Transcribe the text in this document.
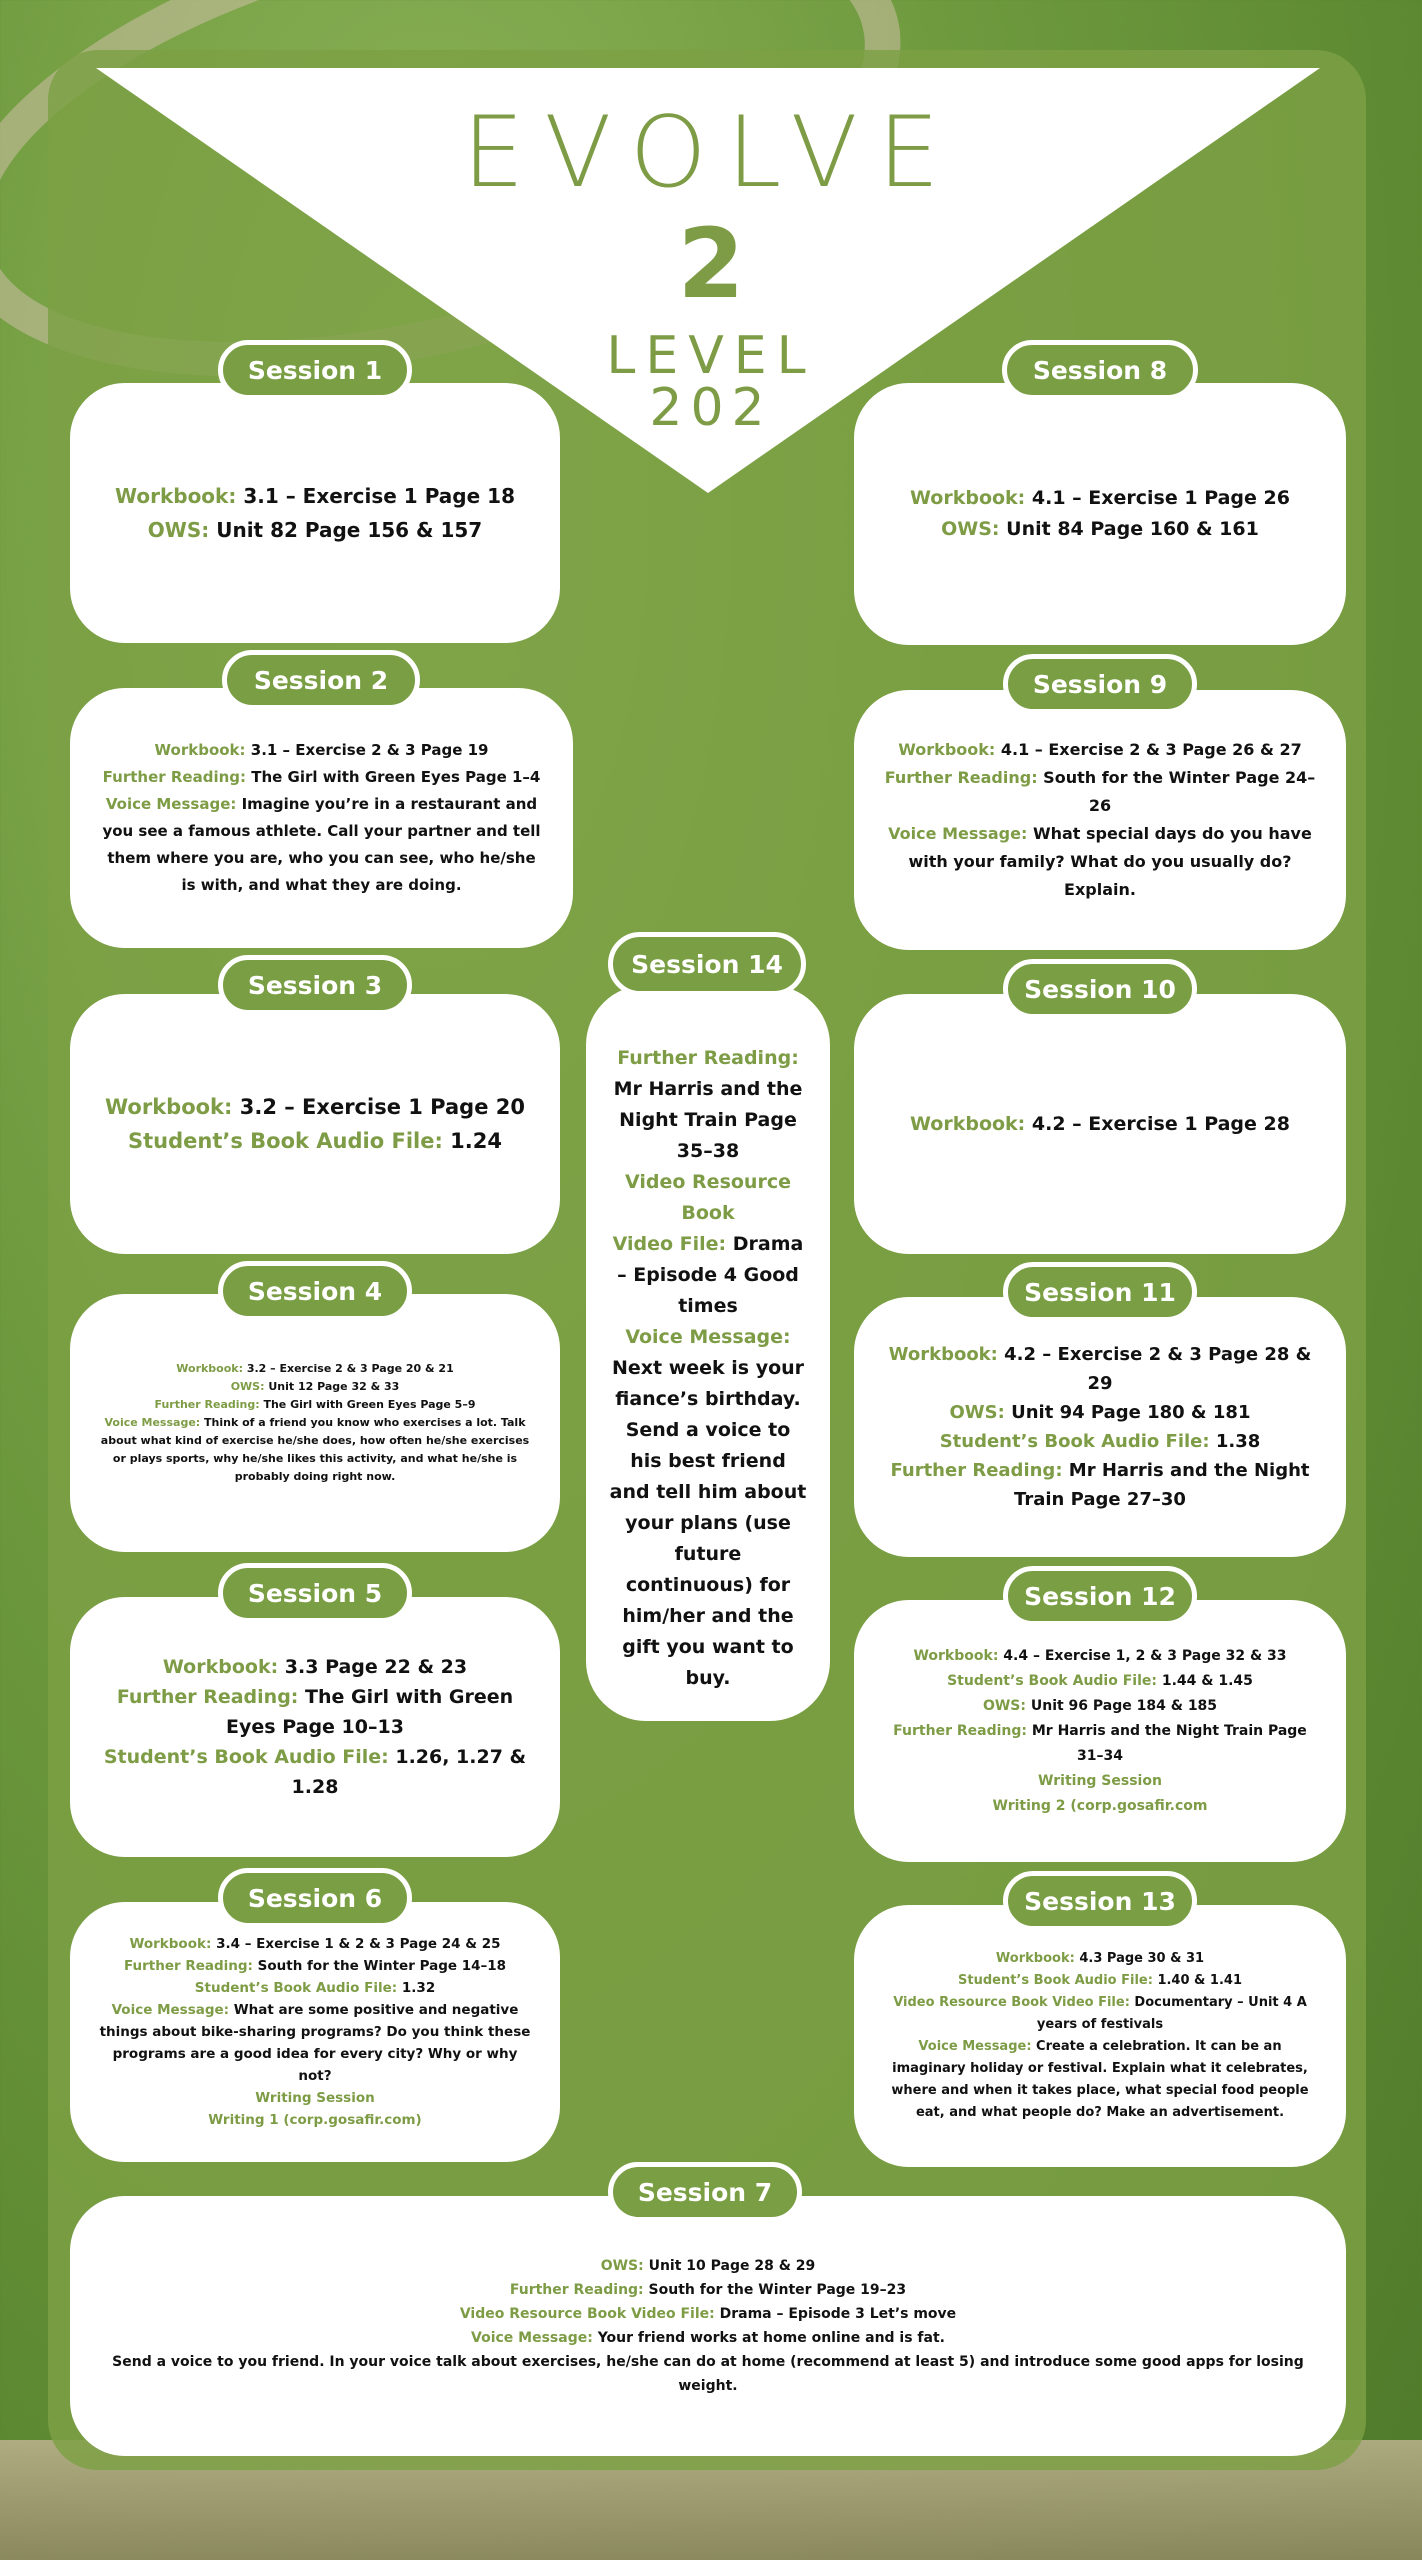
EVOLVE
2
LEVEL
202

Workbook: 3.1 – Exercise 1 Page 18

OWS: Unit 82 Page 156 & 157

Workbook: 3.1 – Exercise 2 & 3 Page 19

Further Reading: The Girl with Green Eyes Page 1–4

Voice Message: Imagine you’re in a restaurant and you see a famous athlete. Call your partner and tell them where you are, who you can see, who he/she is with, and what they are doing.

Workbook: 3.2 – Exercise 1 Page 20

Student’s Book Audio File: 1.24

Workbook: 3.2 – Exercise 2 & 3 Page 20 & 21

OWS: Unit 12 Page 32 & 33

Further Reading: The Girl with Green Eyes Page 5–9

Voice Message: Think of a friend you know who exercises a lot. Talk about what kind of exercise he/she does, how often he/she exercises or plays sports, why he/she likes this activity, and what he/she is probably doing right now.

Workbook: 3.3 Page 22 & 23

Further Reading: The Girl with Green Eyes Page 10–13

Student’s Book Audio File: 1.26, 1.27 & 1.28

Workbook: 3.4 – Exercise 1 & 2 & 3 Page 24 & 25

Further Reading: South for the Winter Page 14–18

Student’s Book Audio File: 1.32

Voice Message: What are some positive and negative things about bike-sharing programs? Do you think these programs are a good idea for every city? Why or why not?

Writing Session

Writing 1 (corp.gosafir.com)

OWS: Unit 10 Page 28 & 29

Further Reading: South for the Winter Page 19–23

Video Resource Book Video File: Drama – Episode 3 Let’s move

Voice Message: Your friend works at home online and is fat.

Send a voice to you friend. In your voice talk about exercises, he/she can do at home (recommend at least 5) and introduce some good apps for losing weight.

Workbook: 4.1 – Exercise 1 Page 26

OWS: Unit 84 Page 160 & 161

Workbook: 4.1 – Exercise 2 & 3 Page 26 & 27

Further Reading: South for the Winter Page 24–26

Voice Message: What special days do you have with your family? What do you usually do? Explain.

Workbook: 4.2 – Exercise 1 Page 28

Workbook: 4.2 – Exercise 2 & 3 Page 28 & 29

OWS: Unit 94 Page 180 & 181

Student’s Book Audio File: 1.38

Further Reading: Mr Harris and the Night Train Page 27–30

Workbook: 4.4 – Exercise 1, 2 & 3 Page 32 & 33

Student’s Book Audio File: 1.44 & 1.45

OWS: Unit 96 Page 184 & 185

Further Reading: Mr Harris and the Night Train Page 31–34

Writing Session

Writing 2 (corp.gosafir.com

Workbook: 4.3 Page 30 & 31

Student’s Book Audio File: 1.40 & 1.41

Video Resource Book Video File: Documentary – Unit 4 A years of festivals

Voice Message: Create a celebration. It can be an imaginary holiday or festival. Explain what it celebrates, where and when it takes place, what special food people eat, and what people do? Make an advertisement.

Further Reading:

Mr Harris and the Night Train Page 35–38

Video Resource Book

Video File: Drama – Episode 4 Good times

Voice Message:

Next week is your fiance’s birthday. Send a voice to his best friend and tell him about your plans (use future continuous) for him/her and the gift you want to buy.

Session 1
Session 2
Session 3
Session 4
Session 5
Session 6
Session 7
Session 8
Session 9
Session 10
Session 11
Session 12
Session 13
Session 14
